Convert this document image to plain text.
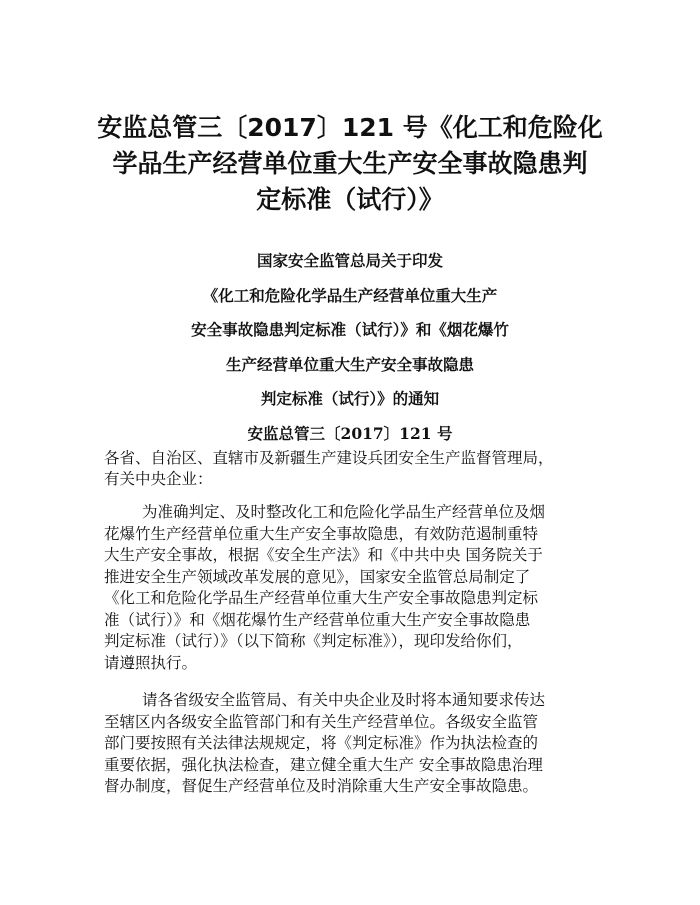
安监总管三〔2017〕121 号《化工和危险化
学品生产经营单位重大生产安全事故隐患判
定标准（试行）》
国家安全监管总局关于印发
《化工和危险化学品生产经营单位重大生产
安全事故隐患判定标准（试行）》和《烟花爆竹
生产经营单位重大生产安全事故隐患
判定标准（试行）》的通知
安监总管三〔2017〕121 号

各省、自治区、直辖市及新疆生产建设兵团安全生产监督管理局，
有关中央企业：

为准确判定、及时整改化工和危险化学品生产经营单位及烟
花爆竹生产经营单位重大生产安全事故隐患，有效防范遏制重特
大生产安全事故，根据《安全生产法》和《中共中央 国务院关于
推进安全生产领域改革发展的意见》，国家安全监管总局制定了
《化工和危险化学品生产经营单位重大生产安全事故隐患判定标
准（试行）》和《烟花爆竹生产经营单位重大生产安全事故隐患
判定标准（试行）》（以下简称《判定标准》），现印发给你们，
请遵照执行。

请各省级安全监管局、有关中央企业及时将本通知要求传达
至辖区内各级安全监管部门和有关生产经营单位。各级安全监管
部门要按照有关法律法规规定，将《判定标准》作为执法检查的
重要依据，强化执法检查，建立健全重大生产 安全事故隐患治理
督办制度，督促生产经营单位及时消除重大生产安全事故隐患。
